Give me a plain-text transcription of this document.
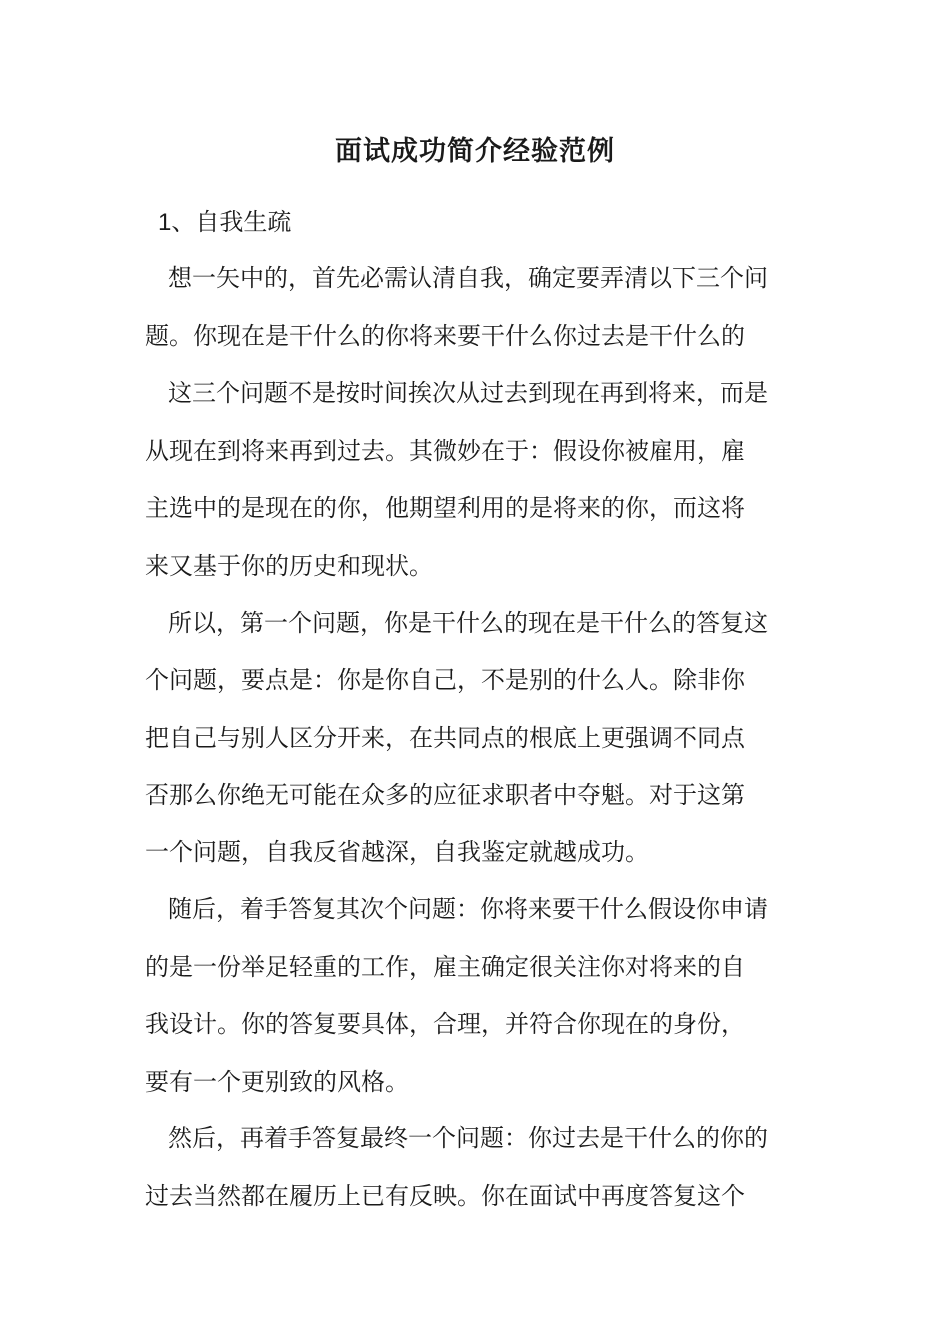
面试成功简介经验范例
1、自我生疏
想一矢中的，首先必需认清自我，确定要弄清以下三个问
题。你现在是干什么的你将来要干什么你过去是干什么的
这三个问题不是按时间挨次从过去到现在再到将来，而是
从现在到将来再到过去。其微妙在于：假设你被雇用，雇
主选中的是现在的你，他期望利用的是将来的你，而这将
来又基于你的历史和现状。
所以，第一个问题，你是干什么的现在是干什么的答复这
个问题，要点是：你是你自己，不是别的什么人。除非你
把自己与别人区分开来，在共同点的根底上更强调不同点
否那么你绝无可能在众多的应征求职者中夺魁。对于这第
一个问题，自我反省越深，自我鉴定就越成功。
随后，着手答复其次个问题：你将来要干什么假设你申请
的是一份举足轻重的工作，雇主确定很关注你对将来的自
我设计。你的答复要具体，合理，并符合你现在的身份，
要有一个更别致的风格。
然后，再着手答复最终一个问题：你过去是干什么的你的
过去当然都在履历上已有反映。你在面试中再度答复这个
